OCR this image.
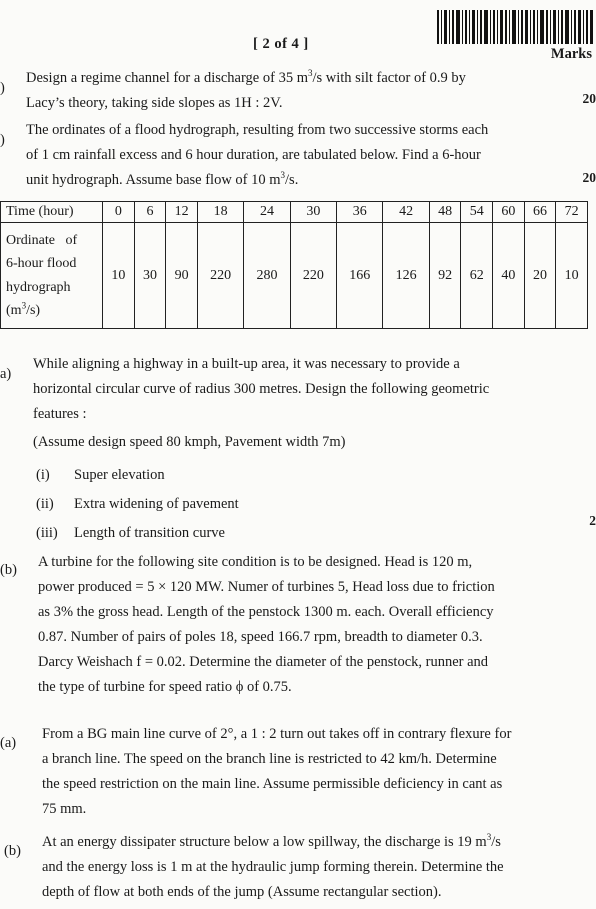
[ 2 of 4 ]
Marks
)
Design a regime channel for a discharge of 35 $m^3/s$ with silt factor of 0.9 by
Lacy’s theory, taking side slopes as 1H : 2V.	20
)
The ordinates of a flood hydrograph, resulting from two successive storms each
of 1 cm rainfall excess and 6 hour duration, are tabulated below. Find a 6-hour
unit hydrograph. Assume base flow of 10 $m^3/s$.	20
Time (hour)	0	6	12	18	24	30	36	42	48	54	60	66	72

Ordinate   of
6-hour flood
hydrograph
$(m^3/s)$	10	30	90	220	280	220	166	126	92	62	40	20	10
a)
While aligning a highway in a built-up area, it was necessary to provide a
horizontal circular curve of radius 300 metres. Design the following geometric
features :
(Assume design speed 80 kmph, Pavement width 7m)
(i) Super elevation
(ii) Extra widening of pavement
(iii) Length of transition curve
2
(b) A turbine for the following site condition is to be designed. Head is 120 m,
power produced = 5 × 120 MW. Numer of turbines 5, Head loss due to friction
as 3% the gross head. Length of the penstock 1300 m. each. Overall efficiency
0.87. Number of pairs of poles 18, speed 166.7 rpm, breadth to diameter 0.3.
Darcy Weishach f = 0.02. Determine the diameter of the penstock, runner and
the type of turbine for speed ratio ϕ of 0.75.
(a)
From a BG main line curve of 2°, a 1 : 2 turn out takes off in contrary flexure for
a branch line. The speed on the branch line is restricted to 42 km/h. Determine
the speed restriction on the main line. Assume permissible deficiency in cant as
75 mm.
(b)
At an energy dissipater structure below a low spillway, the discharge is 19 $m^3/s$
and the energy loss is 1 m at the hydraulic jump forming therein. Determine the
depth of flow at both ends of the jump (Assume rectangular section).
